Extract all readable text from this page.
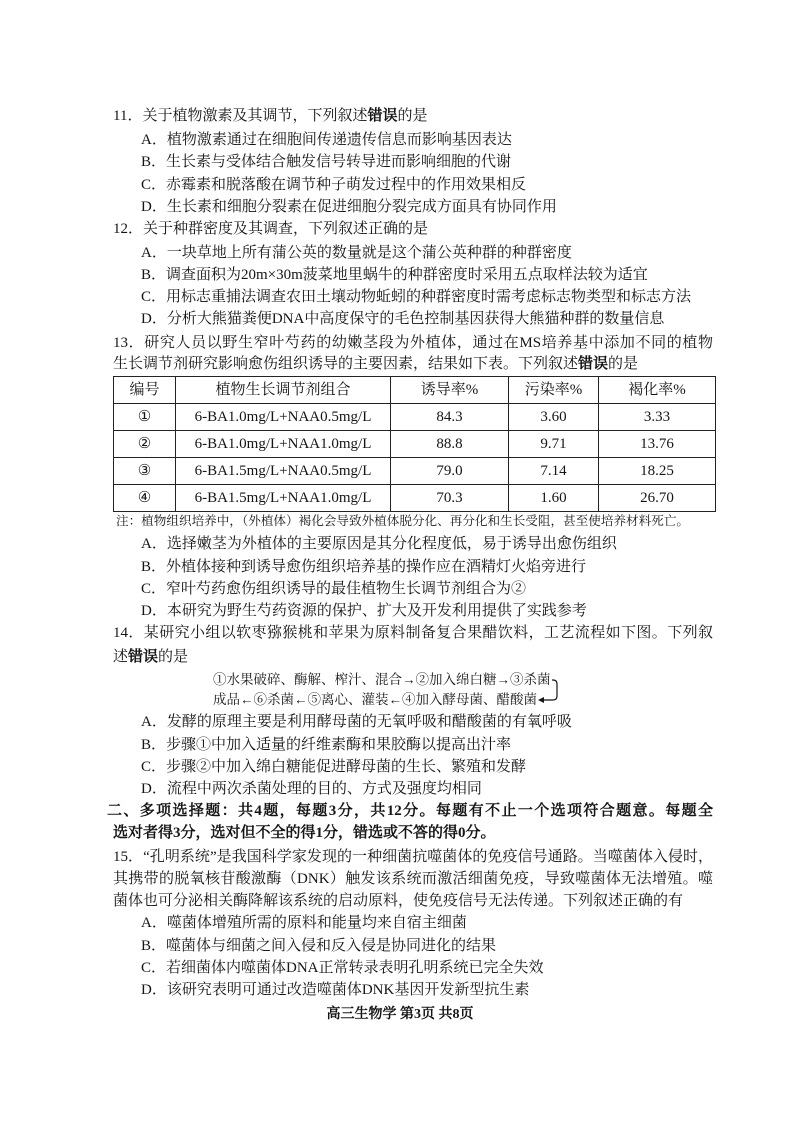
11．关于植物激素及其调节，下列叙述错误的是
A．植物激素通过在细胞间传递遗传信息而影响基因表达
B．生长素与受体结合触发信号转导进而影响细胞的代谢
C．赤霉素和脱落酸在调节种子萌发过程中的作用效果相反
D．生长素和细胞分裂素在促进细胞分裂完成方面具有协同作用
12．关于种群密度及其调查，下列叙述正确的是
A．一块草地上所有蒲公英的数量就是这个蒲公英种群的种群密度
B．调查面积为20m×30m菠菜地里蜗牛的种群密度时采用五点取样法较为适宜
C．用标志重捕法调查农田土壤动物蚯蚓的种群密度时需考虑标志物类型和标志方法
D．分析大熊猫粪便DNA中高度保守的毛色控制基因获得大熊猫种群的数量信息
13．研究人员以野生窄叶芍药的幼嫩茎段为外植体，通过在MS培养基中添加不同的植物
生长调节剂研究影响愈伤组织诱导的主要因素，结果如下表。下列叙述错误的是
编号	植物生长调节剂组合	诱导率%	污染率%	褐化率%
①	6-BA1.0mg/L+NAA0.5mg/L	84.3	3.60	3.33
②	6-BA1.0mg/L+NAA1.0mg/L	88.8	9.71	13.76
③	6-BA1.5mg/L+NAA0.5mg/L	79.0	7.14	18.25
④	6-BA1.5mg/L+NAA1.0mg/L	70.3	1.60	26.70
注：植物组织培养中，（外植体）褐化会导致外植体脱分化、再分化和生长受阻，甚至使培养材料死亡。
A．选择嫩茎为外植体的主要原因是其分化程度低，易于诱导出愈伤组织
B．外植体接种到诱导愈伤组织培养基的操作应在酒精灯火焰旁进行
C．窄叶芍药愈伤组织诱导的最佳植物生长调节剂组合为②
D．本研究为野生芍药资源的保护、扩大及开发利用提供了实践参考
14．某研究小组以软枣猕猴桃和苹果为原料制备复合果醋饮料，工艺流程如下图。下列叙
述错误的是
①水果破碎、酶解、榨汁、混合→②加入绵白糖→③杀菌
成品←⑥杀菌←⑤离心、灌装←④加入酵母菌、醋酸菌
A．发酵的原理主要是利用酵母菌的无氧呼吸和醋酸菌的有氧呼吸
B．步骤①中加入适量的纤维素酶和果胶酶以提高出汁率
C．步骤②中加入绵白糖能促进酵母菌的生长、繁殖和发酵
D．流程中两次杀菌处理的目的、方式及强度均相同
二、多项选择题：共4题，每题3分，共12分。每题有不止一个选项符合题意。每题全
选对者得3分，选对但不全的得1分，错选或不答的得0分。
15．“孔明系统”是我国科学家发现的一种细菌抗噬菌体的免疫信号通路。当噬菌体入侵时，
其携带的脱氧核苷酸激酶（DNK）触发该系统而激活细菌免疫，导致噬菌体无法增殖。噬
菌体也可分泌相关酶降解该系统的启动原料，使免疫信号无法传递。下列叙述正确的有
A．噬菌体增殖所需的原料和能量均来自宿主细菌
B．噬菌体与细菌之间入侵和反入侵是协同进化的结果
C．若细菌体内噬菌体DNA正常转录表明孔明系统已完全失效
D．该研究表明可通过改造噬菌体DNK基因开发新型抗生素
高三生物学 第3页 共8页
